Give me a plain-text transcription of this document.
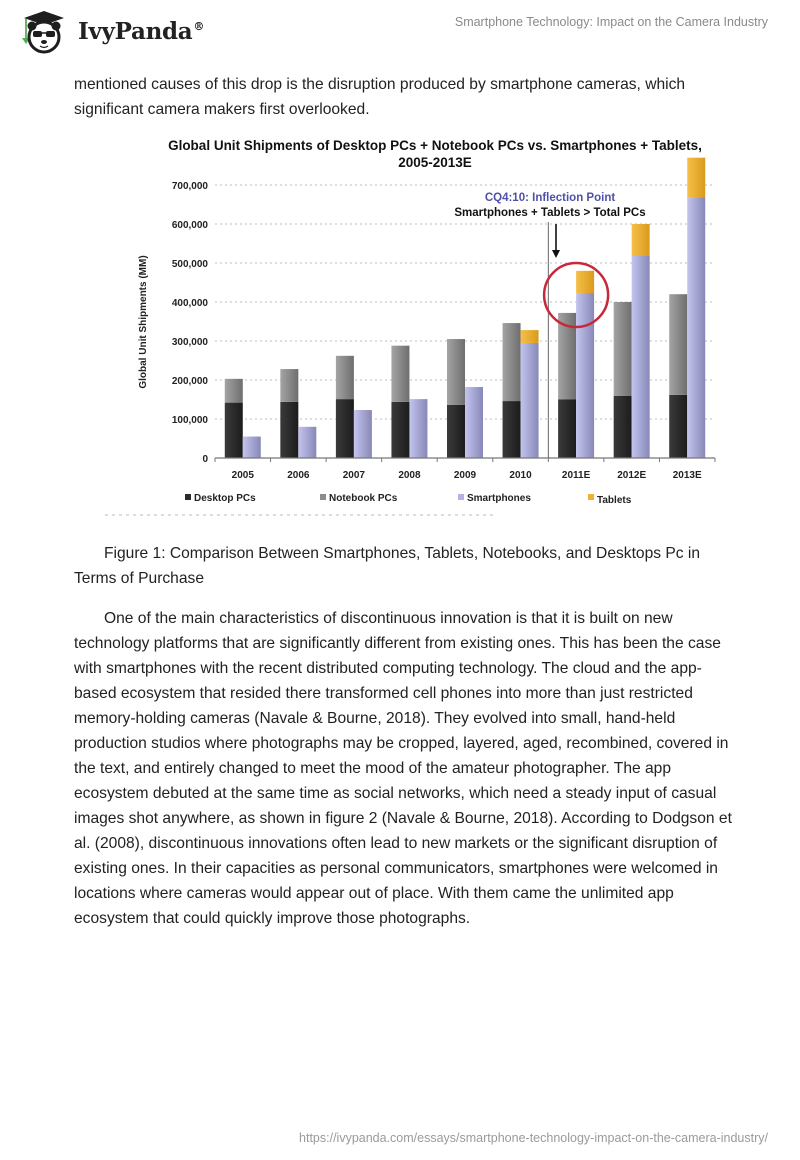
IvyPanda®	Smartphone Technology: Impact on the Camera Industry
mentioned causes of this drop is the disruption produced by smartphone cameras, which significant camera makers first overlooked.
Global Unit Shipments of Desktop PCs + Notebook PCs vs. Smartphones + Tablets,
2005-2013E
Global Unit Shipments (MM)
0
100,000
200,000
300,000
400,000
500,000
600,000
700,000
2005	2006	2007	2008	2009	2010	2011E	2012E	2013E
CQ4:10: Inflection Point
Smartphones + Tablets > Total PCs
Desktop PCs	Notebook PCs	Smartphones	Tablets
Figure 1: Comparison Between Smartphones, Tablets, Notebooks, and Desktops Pc in Terms of Purchase
One of the main characteristics of discontinuous innovation is that it is built on new technology platforms that are significantly different from existing ones. This has been the case with smartphones with the recent distributed computing technology. The cloud and the app-based ecosystem that resided there transformed cell phones into more than just restricted memory-holding cameras (Navale & Bourne, 2018). They evolved into small, hand-held production studios where photographs may be cropped, layered, aged, recombined, covered in the text, and entirely changed to meet the mood of the amateur photographer. The app ecosystem debuted at the same time as social networks, which need a steady input of casual images shot anywhere, as shown in figure 2 (Navale & Bourne, 2018). According to Dodgson et al. (2008), discontinuous innovations often lead to new markets or the significant disruption of existing ones. In their capacities as personal communicators, smartphones were welcomed in locations where cameras would appear out of place. With them came the unlimited app ecosystem that could quickly improve those photographs.
https://ivypanda.com/essays/smartphone-technology-impact-on-the-camera-industry/
